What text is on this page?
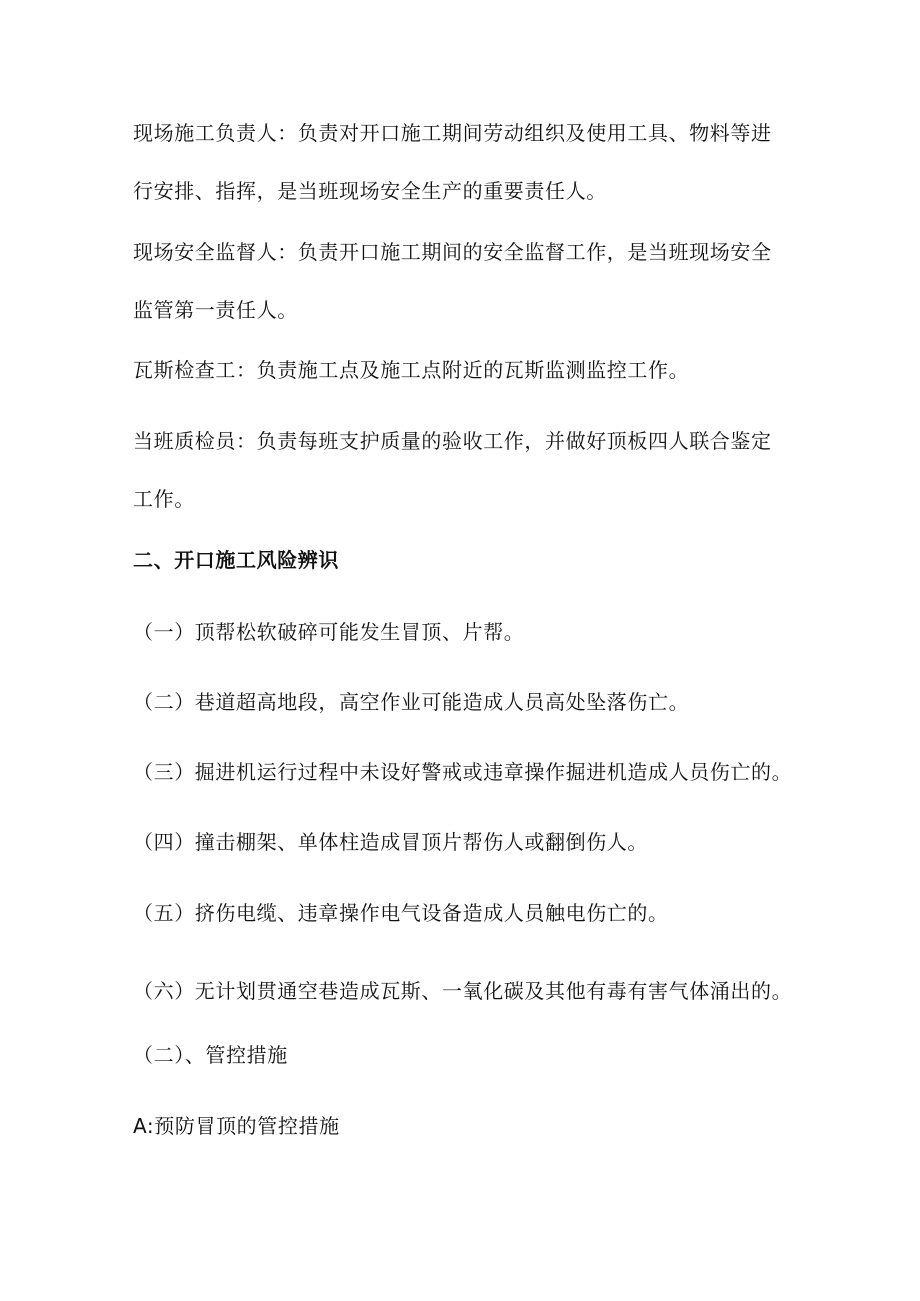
现场施工负责人：负责对开口施工期间劳动组织及使用工具、物料等进行安排、指挥，是当班现场安全生产的重要责任人。

现场安全监督人：负责开口施工期间的安全监督工作，是当班现场安全监管第一责任人。

瓦斯检查工：负责施工点及施工点附近的瓦斯监测监控工作。

当班质检员：负责每班支护质量的验收工作，并做好顶板四人联合鉴定工作。

二、开口施工风险辨识

（一）顶帮松软破碎可能发生冒顶、片帮。

（二）巷道超高地段，高空作业可能造成人员高处坠落伤亡。

（三）掘进机运行过程中未设好警戒或违章操作掘进机造成人员伤亡的。

（四）撞击棚架、单体柱造成冒顶片帮伤人或翻倒伤人。

（五）挤伤电缆、违章操作电气设备造成人员触电伤亡的。

（六）无计划贯通空巷造成瓦斯、一氧化碳及其他有毒有害气体涌出的。

（二）、管控措施

A:预防冒顶的管控措施
